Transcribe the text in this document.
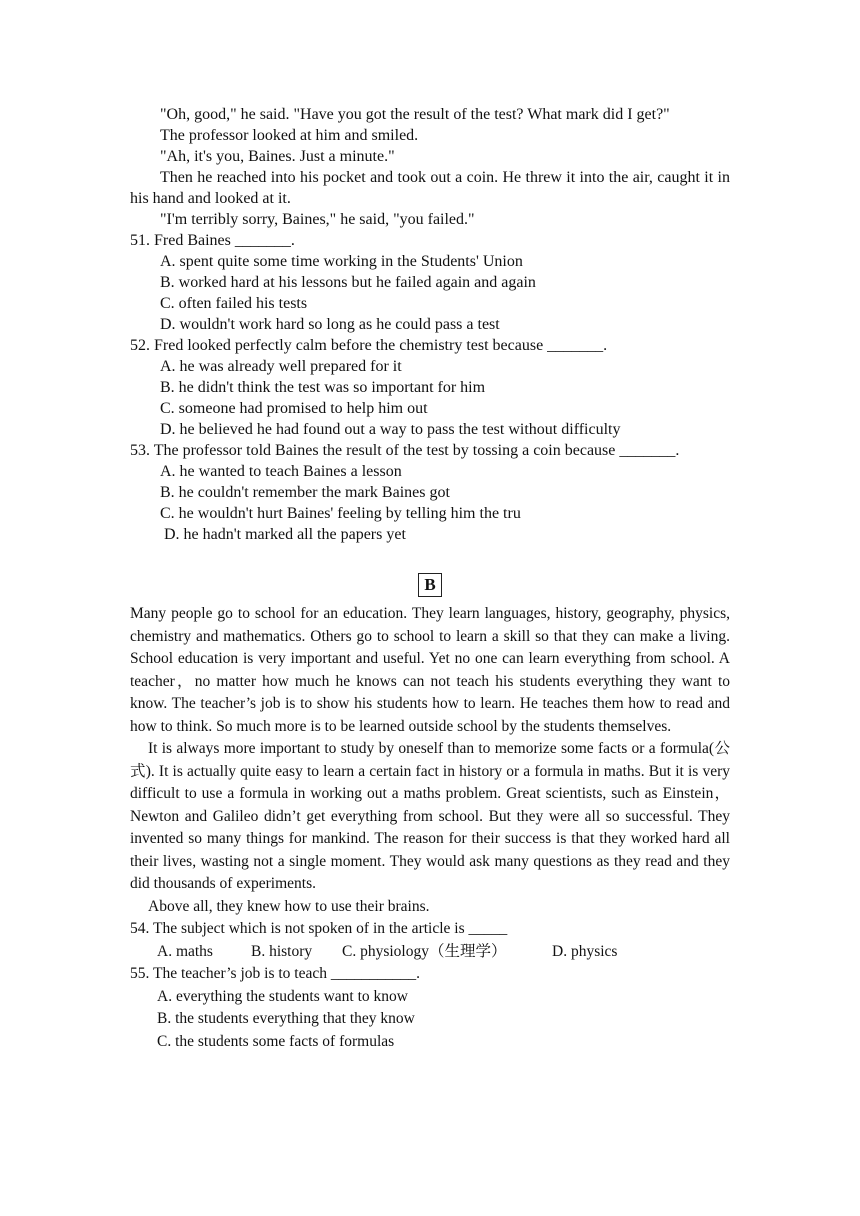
"Oh, good," he said. "Have you got the result of the test? What mark did I get?"
The professor looked at him and smiled.
"Ah, it's you, Baines. Just a minute."
Then he reached into his pocket and took out a coin. He threw it into the air, caught it in his hand and looked at it.
"I'm terribly sorry, Baines," he said, "you failed."
51. Fred Baines _______.
A. spent quite some time working in the Students' Union
B. worked hard at his lessons but he failed again and again
C. often failed his tests
D. wouldn't work hard so long as he could pass a test
52. Fred looked perfectly calm before the chemistry test because _______.
A. he was already well prepared for it
B. he didn't think the test was so important for him
C. someone had promised to help him out
D. he believed he had found out a way to pass the test without difficulty
53. The professor told Baines the result of the test by tossing a coin because _______.
A. he wanted to teach Baines a lesson
B. he couldn't remember the mark Baines got
C. he wouldn't hurt Baines' feeling by telling him the tru
D. he hadn't marked all the papers yet
B
Many people go to school for an education. They learn languages, history, geography, physics, chemistry and mathematics. Others go to school to learn a skill so that they can make a living. School education is very important and useful. Yet no one can learn everything from school. A teacher，no matter how much he knows can not teach his students everything they want to know. The teacher’s job is to show his students how to learn. He teaches them how to read and how to think. So much more is to be learned outside school by the students themselves.
It is always more important to study by oneself than to memorize some facts or a formula(公式). It is actually quite easy to learn a certain fact in history or a formula in maths. But it is very difficult to use a formula in working out a maths problem. Great scientists, such as Einstein，Newton and Galileo didn’t get everything from school. But they were all so successful. They invented so many things for mankind. The reason for their success is that they worked hard all their lives, wasting not a single moment. They would ask many questions as they read and they did thousands of experiments.
Above all, they knew how to use their brains.
54. The subject which is not spoken of in the article is _____
A. maths B. history C. physiology（生理学）	D. physics
55. The teacher’s job is to teach ___________.
A. everything the students want to know
B. the students everything that they know
C. the students some facts of formulas
